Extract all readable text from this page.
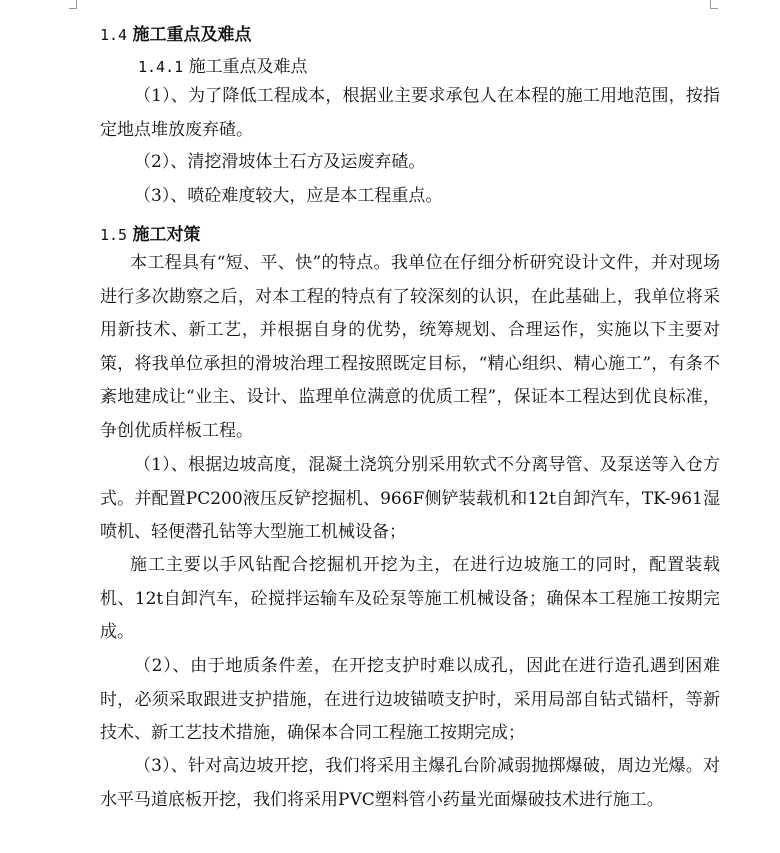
1.4 施工重点及难点
1.4.1 施工重点及难点
（1）、为了降低工程成本，根据业主要求承包人在本程的施工用地范围，按指定地点堆放废弃碴。
（2）、清挖滑坡体土石方及运废弃碴。
（3）、喷砼难度较大，应是本工程重点。
1.5 施工对策
本工程具有“短、平、快”的特点。我单位在仔细分析研究设计文件，并对现场进行多次勘察之后，对本工程的特点有了较深刻的认识，在此基础上，我单位将采用新技术、新工艺，并根据自身的优势，统筹规划、合理运作，实施以下主要对策，将我单位承担的滑坡治理工程按照既定目标，“精心组织、精心施工”，有条不紊地建成让“业主、设计、监理单位满意的优质工程”，保证本工程达到优良标准，争创优质样板工程。
（1）、根据边坡高度，混凝土浇筑分别采用软式不分离导管、及泵送等入仓方式。并配置PC200液压反铲挖掘机、966F侧铲装载机和12t自卸汽车，TK-961湿喷机、轻便潜孔钻等大型施工机械设备；
施工主要以手风钻配合挖掘机开挖为主，在进行边坡施工的同时，配置装载机、12t自卸汽车，砼搅拌运输车及砼泵等施工机械设备；确保本工程施工按期完成。
（2）、由于地质条件差，在开挖支护时难以成孔，因此在进行造孔遇到困难时，必须采取跟进支护措施，在进行边坡锚喷支护时，采用局部自钻式锚杆，等新技术、新工艺技术措施，确保本合同工程施工按期完成；
（3）、针对高边坡开挖，我们将采用主爆孔台阶减弱抛掷爆破，周边光爆。对水平马道底板开挖，我们将采用PVC塑料管小药量光面爆破技术进行施工。
